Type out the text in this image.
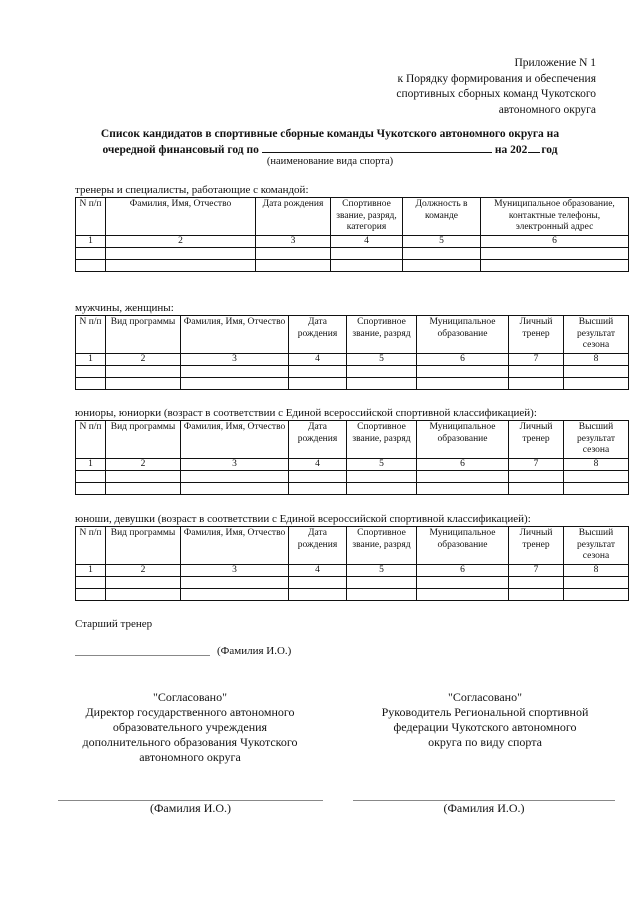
Приложение N 1
к Порядку формирования и обеспечения
спортивных сборных команд Чукотского
автономного округа
Список кандидатов в спортивные сборные команды Чукотского автономного округа на
очередной финансовый год по	на 202 год
(наименование вида спорта)
тренеры и специалисты, работающие с командой:
N п/п	Фамилия, Имя, Отчество	Дата рождения	Спортивное звание, разряд, категория	Должность в команде	Муниципальное образование, контактные телефоны, электронный адрес
1	2	3	4	5	6

мужчины, женщины:
N п/п	Вид программы	Фамилия, Имя, Отчество	Дата рождения	Спортивное звание, разряд	Муниципальное образование	Личный тренер	Высший результат сезона
1	2	3	4	5	6	7	8

юниоры, юниорки (возраст в соответствии с Единой всероссийской спортивной классификацией):
N п/п	Вид программы	Фамилия, Имя, Отчество	Дата рождения	Спортивное звание, разряд	Муниципальное образование	Личный тренер	Высший результат сезона
1	2	3	4	5	6	7	8

юноши, девушки (возраст в соответствии с Единой всероссийской спортивной классификацией):
N п/п	Вид программы	Фамилия, Имя, Отчество	Дата рождения	Спортивное звание, разряд	Муниципальное образование	Личный тренер	Высший результат сезона
1	2	3	4	5	6	7	8

Старший тренер
(Фамилия И.О.)
"Согласовано"
Директор государственного автономного
образовательного учреждения
дополнительного образования Чукотского
автономного округа
(Фамилия И.О.)
"Согласовано"
Руководитель Региональной спортивной
федерации Чукотского автономного
округа по виду спорта
(Фамилия И.О.)
